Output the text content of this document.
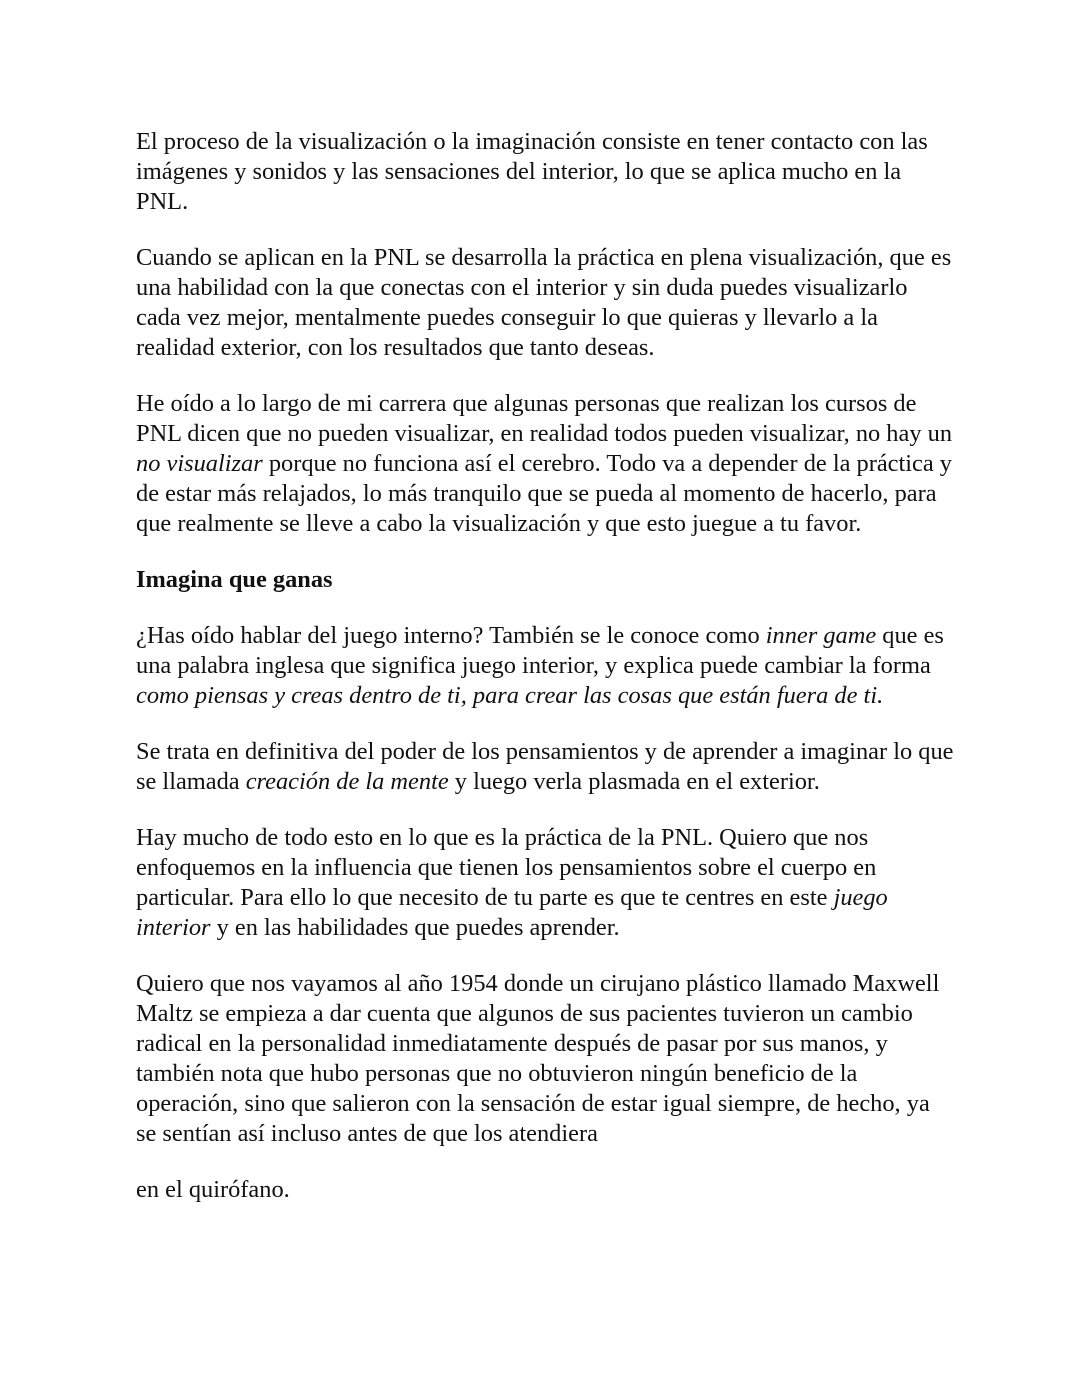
El proceso de la visualización o la imaginación consiste en tener contacto con las imágenes y sonidos y las sensaciones del interior, lo que se aplica mucho en la PNL.

Cuando se aplican en la PNL se desarrolla la práctica en plena visualización, que es una habilidad con la que conectas con el interior y sin duda puedes visualizarlo cada vez mejor, mentalmente puedes conseguir lo que quieras y llevarlo a la realidad exterior, con los resultados que tanto deseas.

He oído a lo largo de mi carrera que algunas personas que realizan los cursos de PNL dicen que no pueden visualizar, en realidad todos pueden visualizar, no hay un no visualizar porque no funciona así el cerebro. Todo va a depender de la práctica y de estar más relajados, lo más tranquilo que se pueda al momento de hacerlo, para que realmente se lleve a cabo la visualización y que esto juegue a tu favor.

Imagina que ganas

¿Has oído hablar del juego interno? También se le conoce como inner game que es una palabra inglesa que significa juego interior, y explica puede cambiar la forma como piensas y creas dentro de ti, para crear las cosas que están fuera de ti.

Se trata en definitiva del poder de los pensamientos y de aprender a imaginar lo que se llamada creación de la mente y luego verla plasmada en el exterior.

Hay mucho de todo esto en lo que es la práctica de la PNL. Quiero que nos enfoquemos en la influencia que tienen los pensamientos sobre el cuerpo en particular. Para ello lo que necesito de tu parte es que te centres en este juego interior y en las habilidades que puedes aprender.

Quiero que nos vayamos al año 1954 donde un cirujano plástico llamado Maxwell Maltz se empieza a dar cuenta que algunos de sus pacientes tuvieron un cambio radical en la personalidad inmediatamente después de pasar por sus manos, y también nota que hubo personas que no obtuvieron ningún beneficio de la operación, sino que salieron con la sensación de estar igual siempre, de hecho, ya se sentían así incluso antes de que los atendiera

en el quirófano.
